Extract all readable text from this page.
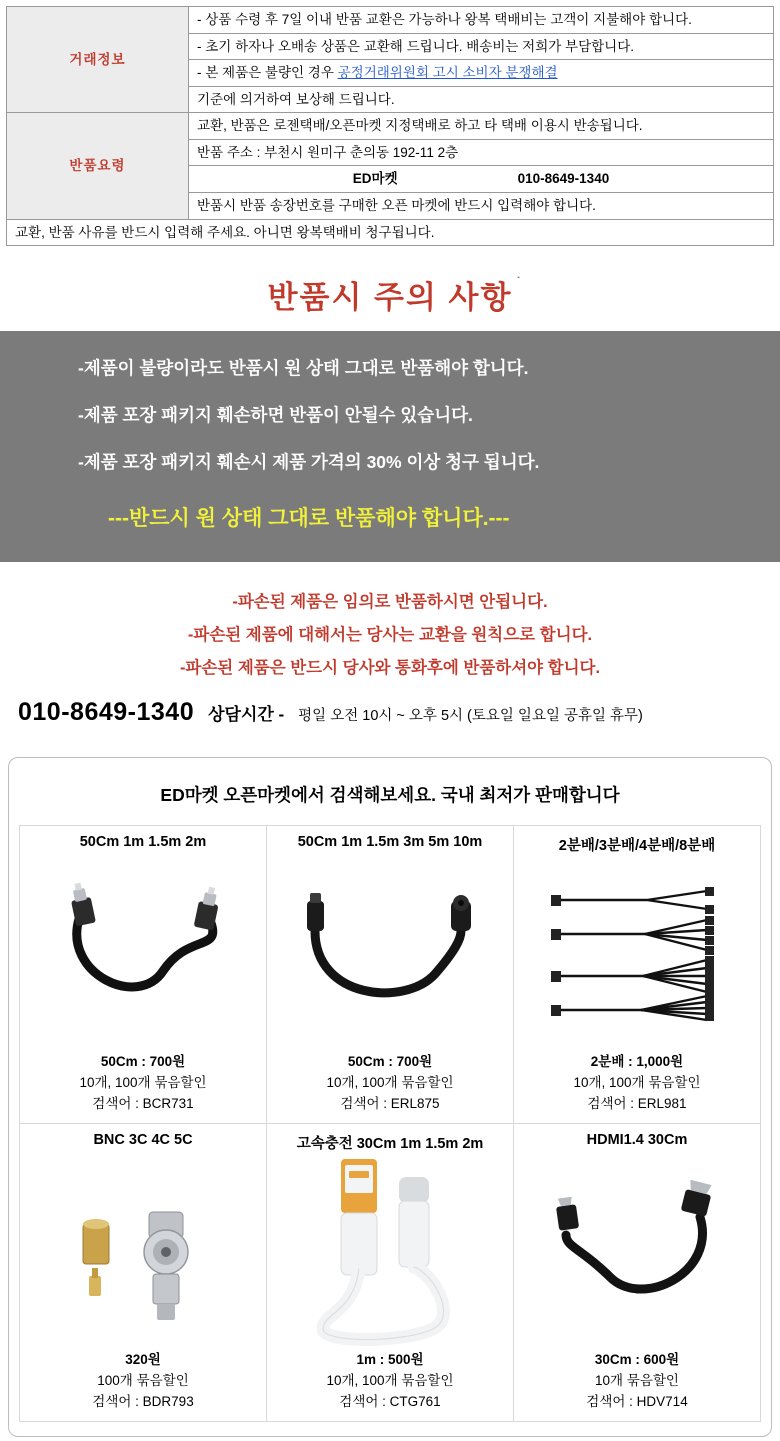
거래정보	- 상품 수령 후 7일 이내 반품 교환은 가능하나 왕복 택배비는 고객이 지불해야 합니다.
	- 초기 하자나 오배송 상품은 교환해 드립니다. 배송비는 저희가 부담합니다.
	- 본 제품은 불량인 경우 공정거래위원회 고시 소비자 분쟁해결
	기준에 의거하여 보상해 드립니다.
반품요령	교환, 반품은 로젠택배/오픈마켓 지정택배로 하고 타 택배 이용시 반송됩니다.
	반품 주소 : 부천시 원미구 춘의동 192-11 2층

	ED마켓 010-8649-1340

	반품시 반품 송장번호를 구매한 오픈 마켓에 반드시 입력해야 합니다.
교환, 반품 사유를 반드시 입력해 주세요. 아니면 왕복택배비 청구됩니다.	
반품시 주의 사항 ˙

-제품이 불량이라도 반품시 원 상태 그대로 반품해야 합니다.

-제품 포장 패키지 훼손하면 반품이 안될수 있습니다.

-제품 포장 패키지 훼손시 제품 가격의 30% 이상 청구 됩니다.

---반드시 원 상태 그대로 반품해야 합니다.---

-파손된 제품은 임의로 반품하시면 안됩니다.
-파손된 제품에 대해서는 당사는 교환을 원칙으로 합니다.
-파손된 제품은 반드시 당사와 통화후에 반품하셔야 합니다.
010-8649-1340 상담시간 - 평일 오전 10시 ~ 오후 5시 (토요일 일요일 공휴일 휴무)
ED마켓 오픈마켓에서 검색해보세요. 국내 최저가 판매합니다
50Cm 1m 1.5m 2m
50Cm : 700원
10개, 100개 묶음할인
검색어 : BCR731
50Cm 1m 1.5m 3m 5m 10m
50Cm : 700원
10개, 100개 묶음할인
검색어 : ERL875
2분배/3분배/4분배/8분배
2분배 : 1,000원
10개, 100개 묶음할인
검색어 : ERL981
BNC 3C 4C 5C
320원
100개 묶음할인
검색어 : BDR793
고속충전 30Cm 1m 1.5m 2m
1m : 500원
10개, 100개 묶음할인
검색어 : CTG761
HDMI1.4 30Cm
30Cm : 600원
10개 묶음할인
검색어 : HDV714
